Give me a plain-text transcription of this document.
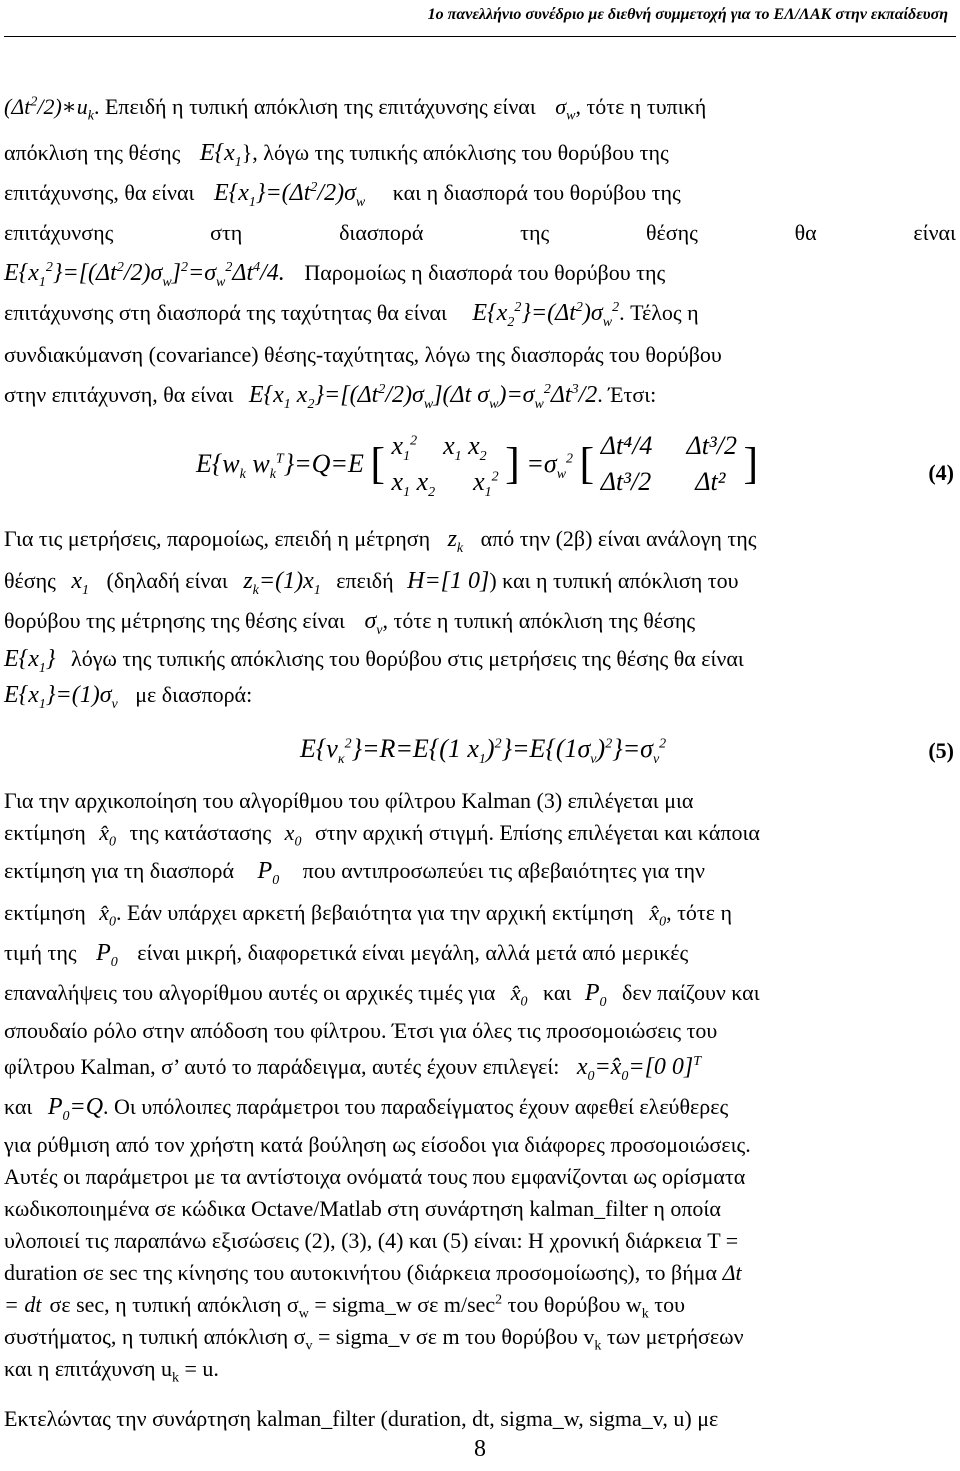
1ο πανελλήνιο συνέδριο με διεθνή συμμετοχή για το ΕΛ/ΛΑΚ στην εκπαίδευση
$(\Delta t^2/2)∗u_k$. Επειδή η τυπική απόκλιση της επιτάχυνσης είναι $\sigma_w$, τότε η τυπική
απόκλιση της θέσης $E\{x_1\}$, λόγω της τυπικής απόκλισης του θορύβου της
επιτάχυνσης, θα είναι $E\{x_1\}=(\Delta t^2/2)\sigma_w$ και η διασπορά του θορύβου της
επιτάχυνσης	στη	διασπορά	της	θέσης	θα	είναι
$E\{x_1^2\}=[(\Delta t^2/2)\sigma_w]^2=\sigma_w^2\Delta t^4/4$. Παρομοίως η διασπορά του θορύβου της
επιτάχυνσης στη διασπορά της ταχύτητας θα είναι $E\{x_2^2\}=(\Delta t^2)\sigma_w^2$. Τέλος η
συνδιακύμανση (covariance) θέσης-ταχύτητας, λόγω της διασποράς του θορύβου
στην επιτάχυνση, θα είναι $E\{x_1$ $x_2\}=[(\Delta t^2/2)\sigma_w](\Delta t$ $\sigma_w)=\sigma_w^2\Delta t^3/2$. Έτσι:
$E\{w_k$ $w_k^T\}=Q=E$ [ $x_1^2$ $x_1$ $x_2$
$x_1$ $x_2$ $x_1^2$ ] $=\sigma_w^2$ [ Δt⁴/4 Δt³/2
Δt³/2 Δt² ]	(4)
Για τις μετρήσεις, παρομοίως, επειδή η μέτρηση $z_k$ από την (2β) είναι ανάλογη της
θέσης $x_1$ (δηλαδή είναι $z_k=(1)x_1$ επειδή H=[1 0]) και η τυπική απόκλιση του
θορύβου της μέτρησης της θέσης είναι $\sigma_v$, τότε η τυπική απόκλιση της θέσης
$E\{x_1\}$ λόγω της τυπικής απόκλισης του θορύβου στις μετρήσεις της θέσης θα είναι
$E\{x_1\}=(1)\sigma_v$ με διασπορά:
$E\{v_\kappa^2\}=R=E\{(1$ $x_1)^2\}=E\{(1\sigma_v)^2\}=\sigma_v^2$	(5)
Για την αρχικοποίηση του αλγορίθμου του φίλτρου Kalman (3) επιλέγεται μια
εκτίμηση $x̂_0$ της κατάστασης $x_0$ στην αρχική στιγμή. Επίσης επιλέγεται και κάποια
εκτίμηση για τη διασπορά $P_0$ που αντιπροσωπεύει τις αβεβαιότητες για την
εκτίμηση $x̂_0$. Εάν υπάρχει αρκετή βεβαιότητα για την αρχική εκτίμηση $x̂_0$, τότε η
τιμή της $P_0$ είναι μικρή, διαφορετικά είναι μεγάλη, αλλά μετά από μερικές
επαναλήψεις του αλγορίθμου αυτές οι αρχικές τιμές για $x̂_0$ και $P_0$ δεν παίζουν και
σπουδαίο ρόλο στην απόδοση του φίλτρου. Έτσι για όλες τις προσομοιώσεις του
φίλτρου Kalman, σ’ αυτό το παράδειγμα, αυτές έχουν επιλεγεί: $x_0=x̂_0=[0$ 0]$^T$
και $P_0=Q$. Οι υπόλοιπες παράμετροι του παραδείγματος έχουν αφεθεί ελεύθερες
για ρύθμιση από τον χρήστη κατά βούληση ως είσοδοι για διάφορες προσομοιώσεις.
Αυτές οι παράμετροι με τα αντίστοιχα ονόματά τους που εμφανίζονται ως ορίσματα
κωδικοποιημένα σε κώδικα Octave/Matlab στη συνάρτηση kalman_filter η οποία
υλοποιεί τις παραπάνω εξισώσεις (2), (3), (4) και (5) είναι: Η χρονική διάρκεια T =
duration σε sec της κίνησης του αυτοκινήτου (διάρκεια προσομοίωσης), το βήμα Δt
= dt σε sec, η τυπική απόκλιση $\sigma_w$ = sigma_w σε $m/\sec^2$ του θορύβου $w_k$ του
συστήματος, η τυπική απόκλιση $\sigma_v$ = sigma_v σε m του θορύβου $v_k$ των μετρήσεων
και η επιτάχυνση $u_k = u$.
Εκτελώντας την συνάρτηση kalman_filter (duration, dt, sigma_w, sigma_v, u) με
8
